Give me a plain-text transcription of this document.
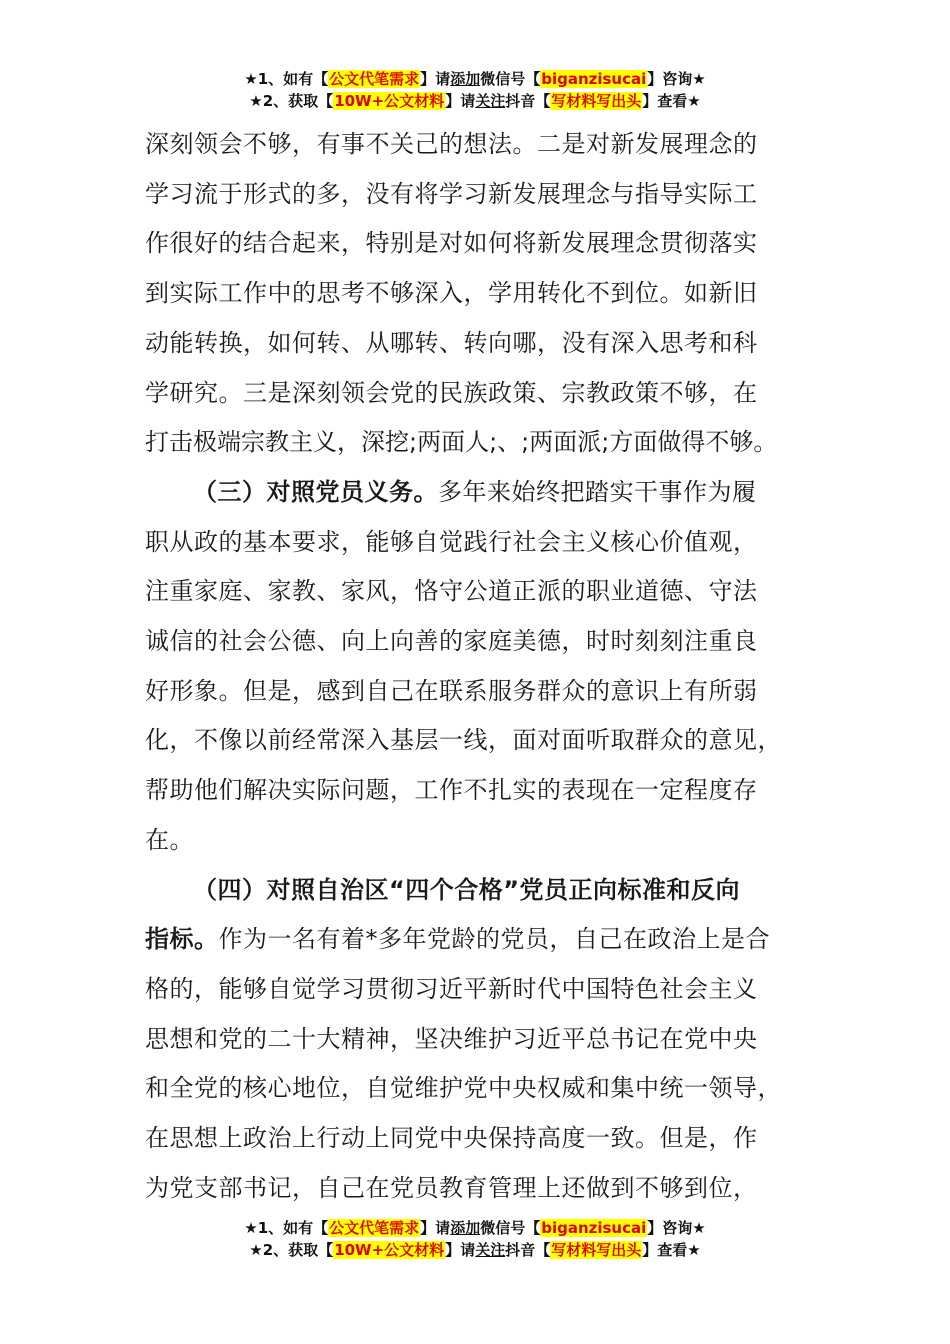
★1、如有【公文代笔需求】请添加微信号【biganzisucai】咨询★
★2、获取【10W+公文材料】请关注抖音【写材料写出头】查看★

深刻领会不够，有事不关己的想法。二是对新发展理念的
学习流于形式的多，没有将学习新发展理念与指导实际工
作很好的结合起来，特别是对如何将新发展理念贯彻落实
到实际工作中的思考不够深入，学用转化不到位。如新旧
动能转换，如何转、从哪转、转向哪，没有深入思考和科
学研究。三是深刻领会党的民族政策、宗教政策不够，在
打击极端宗教主义，深挖;两面人;、;两面派;方面做得不够。

（三）对照党员义务。多年来始终把踏实干事作为履
职从政的基本要求，能够自觉践行社会主义核心价值观，
注重家庭、家教、家风，恪守公道正派的职业道德、守法
诚信的社会公德、向上向善的家庭美德，时时刻刻注重良
好形象。但是，感到自己在联系服务群众的意识上有所弱
化，不像以前经常深入基层一线，面对面听取群众的意见，
帮助他们解决实际问题，工作不扎实的表现在一定程度存
在。

（四）对照自治区“四个合格”党员正向标准和反向
指标。作为一名有着*多年党龄的党员，自己在政治上是合
格的，能够自觉学习贯彻习近平新时代中国特色社会主义
思想和党的二十大精神，坚决维护习近平总书记在党中央
和全党的核心地位，自觉维护党中央权威和集中统一领导，
在思想上政治上行动上同党中央保持高度一致。但是，作
为党支部书记，自己在党员教育管理上还做到不够到位，

★1、如有【公文代笔需求】请添加微信号【biganzisucai】咨询★
★2、获取【10W+公文材料】请关注抖音【写材料写出头】查看★
